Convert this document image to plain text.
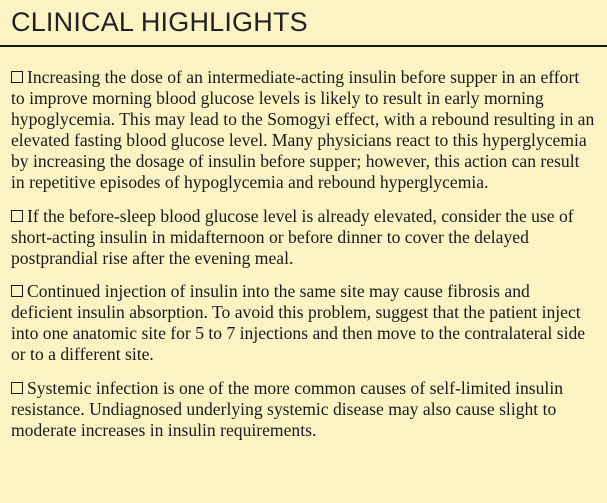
CLINICAL HIGHLIGHTS

Increasing the dose of an intermediate-acting insulin before supper in an effort to improve morning blood glucose levels is likely to result in early morning hypoglycemia. This may lead to the Somogyi effect, with a rebound resulting in an elevated fasting blood glucose level. Many physicians react to this hyperglycemia by increasing the dosage of insulin before supper; however, this action can result in repetitive episodes of hypoglycemia and rebound hyperglycemia.

If the before-sleep blood glucose level is already elevated, consider the use of short-acting insulin in midafternoon or before dinner to cover the delayed postprandial rise after the evening meal.

Continued injection of insulin into the same site may cause fibrosis and deficient insulin absorption. To avoid this problem, suggest that the patient inject into one anatomic site for 5 to 7 injections and then move to the contralateral side or to a different site.

Systemic infection is one of the more common causes of self-limited insulin resistance. Undiagnosed underlying systemic disease may also cause slight to moderate increases in insulin requirements.
